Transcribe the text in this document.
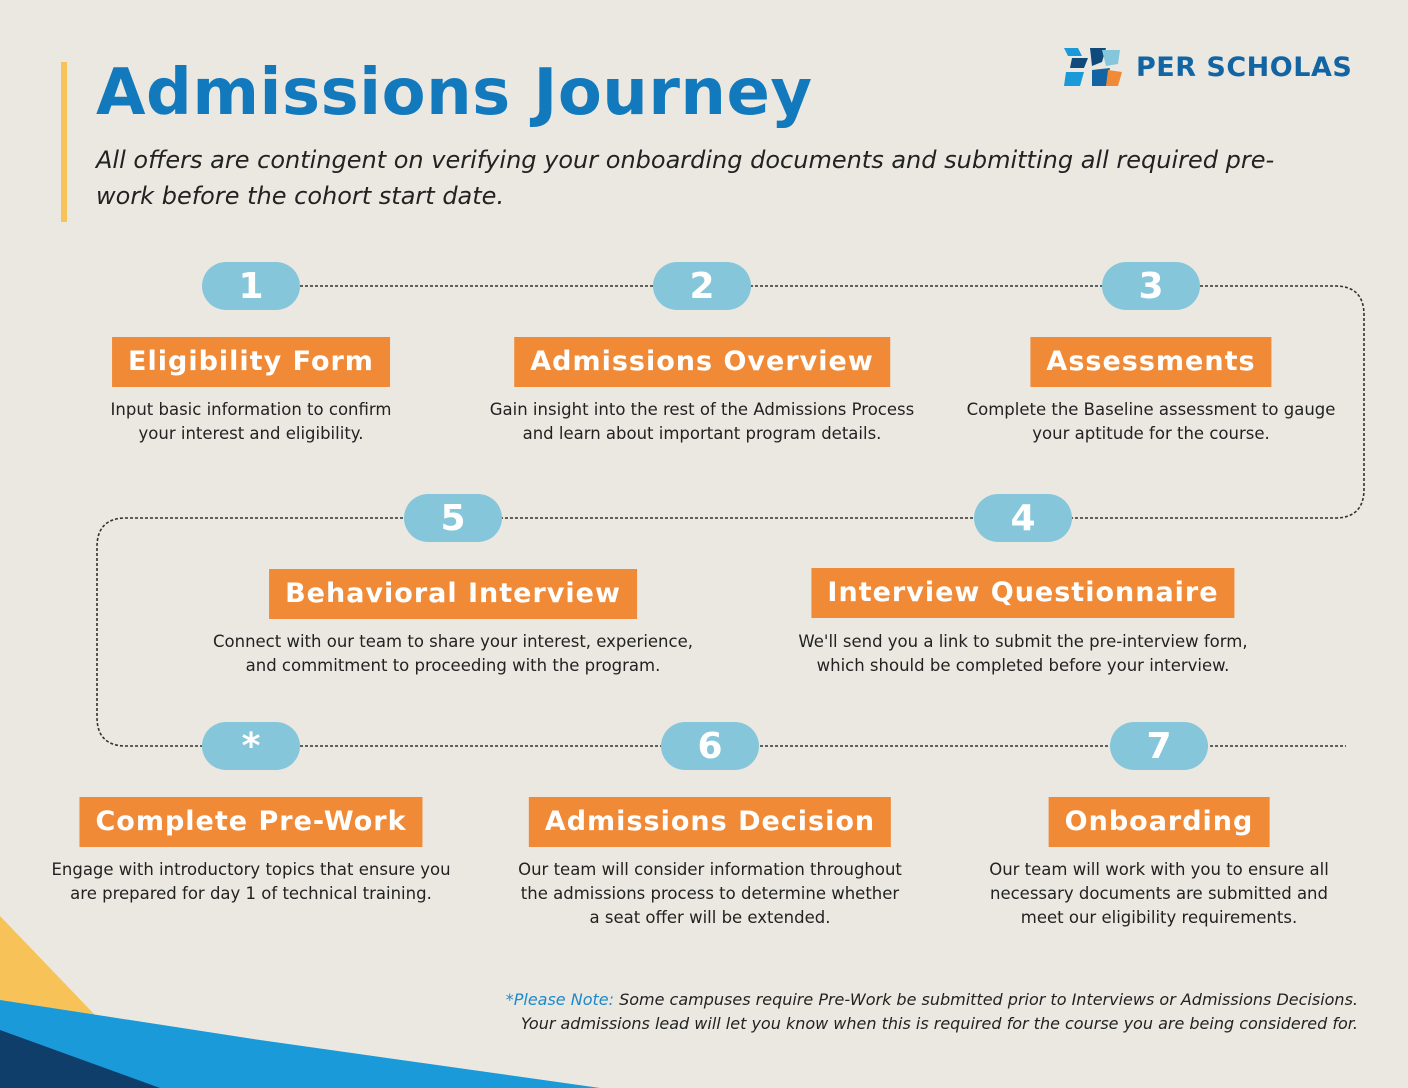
Admissions Journey

All offers are contingent on verifying your onboarding documents and submitting all required pre-work before the cohort start date.

PER SCHOLAS
1
Eligibility Form

Input basic information to confirm
your interest and eligibility.

2
Admissions Overview

Gain insight into the rest of the Admissions Process
and learn about important program details.

3
Assessments

Complete the Baseline assessment to gauge
your aptitude for the course.

4
Interview Questionnaire

We'll send you a link to submit the pre-interview form,
which should be completed before your interview.

5
Behavioral Interview

Connect with our team to share your interest, experience,
and commitment to proceeding with the program.

*
Complete Pre-Work

Engage with introductory topics that ensure you
are prepared for day 1 of technical training.

6
Admissions Decision

Our team will consider information throughout
the admissions process to determine whether
a seat offer will be extended.

7
Onboarding

Our team will work with you to ensure all
necessary documents are submitted and
meet our eligibility requirements.

*Please Note: Some campuses require Pre-Work be submitted prior to Interviews or Admissions Decisions.
Your admissions lead will let you know when this is required for the course you are being considered for.
